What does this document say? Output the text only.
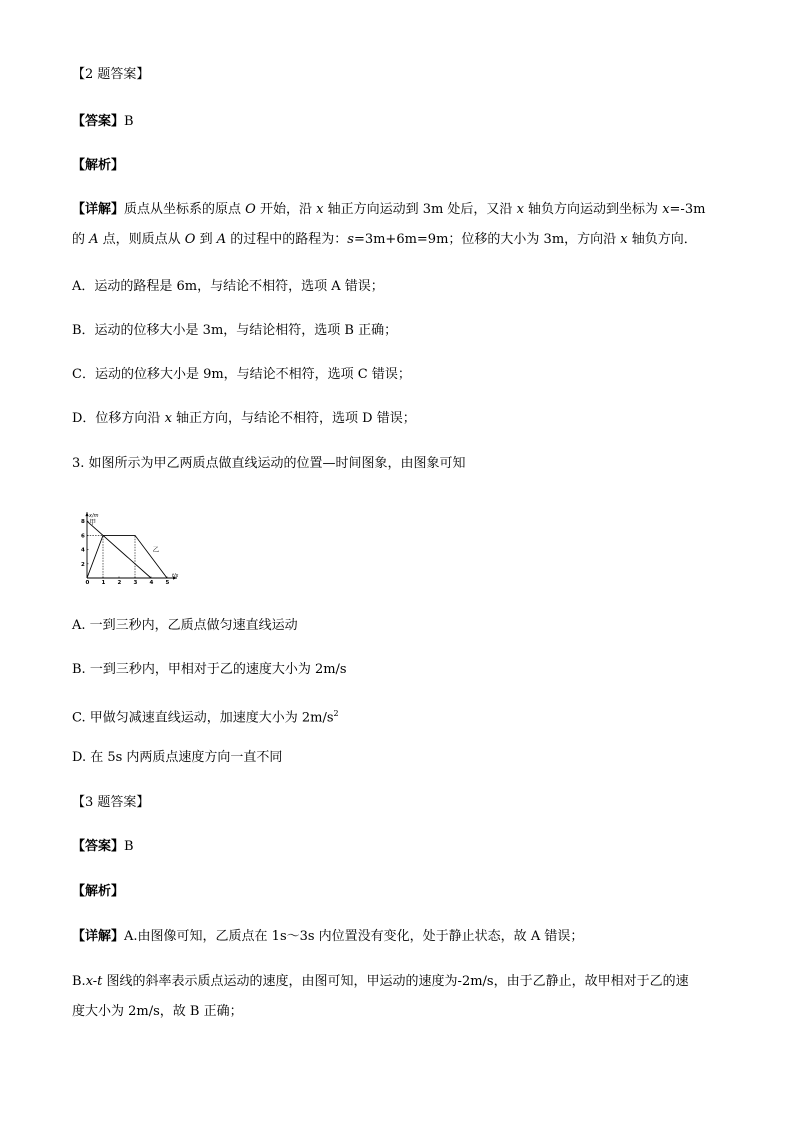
【2 题答案】
【答案】B
【解析】
【详解】质点从坐标系的原点 O 开始，沿 x 轴正方向运动到 3m 处后，又沿 x 轴负方向运动到坐标为 x=-3m
的 A 点，则质点从 O 到 A 的过程中的路程为：s=3m+6m=9m；位移的大小为 3m，方向沿 x 轴负方向．
A．运动的路程是 6m，与结论不相符，选项 A 错误；
B．运动的位移大小是 3m，与结论相符，选项 B 正确；
C．运动的位移大小是 9m，与结论不相符，选项 C 错误；
D．位移方向沿 x 轴正方向，与结论不相符，选项 D 错误；
3. 如图所示为甲乙两质点做直线运动的位置—时间图象，由图象可知
x/m
t/s
0 1 2 3 4 5
2
4
6
8 甲
乙
A. 一到三秒内，乙质点做匀速直线运动
B. 一到三秒内，甲相对于乙的速度大小为 2m/s
C. 甲做匀减速直线运动，加速度大小为 $2m/s^2$
D. 在 5s 内两质点速度方向一直不同
【3 题答案】
【答案】B
【解析】
【详解】A.由图像可知，乙质点在 1s～3s 内位置没有变化，处于静止状态，故 A 错误；
B.x-t 图线的斜率表示质点运动的速度，由图可知，甲运动的速度为-2m/s，由于乙静止，故甲相对于乙的速
度大小为 2m/s，故 B 正确；
